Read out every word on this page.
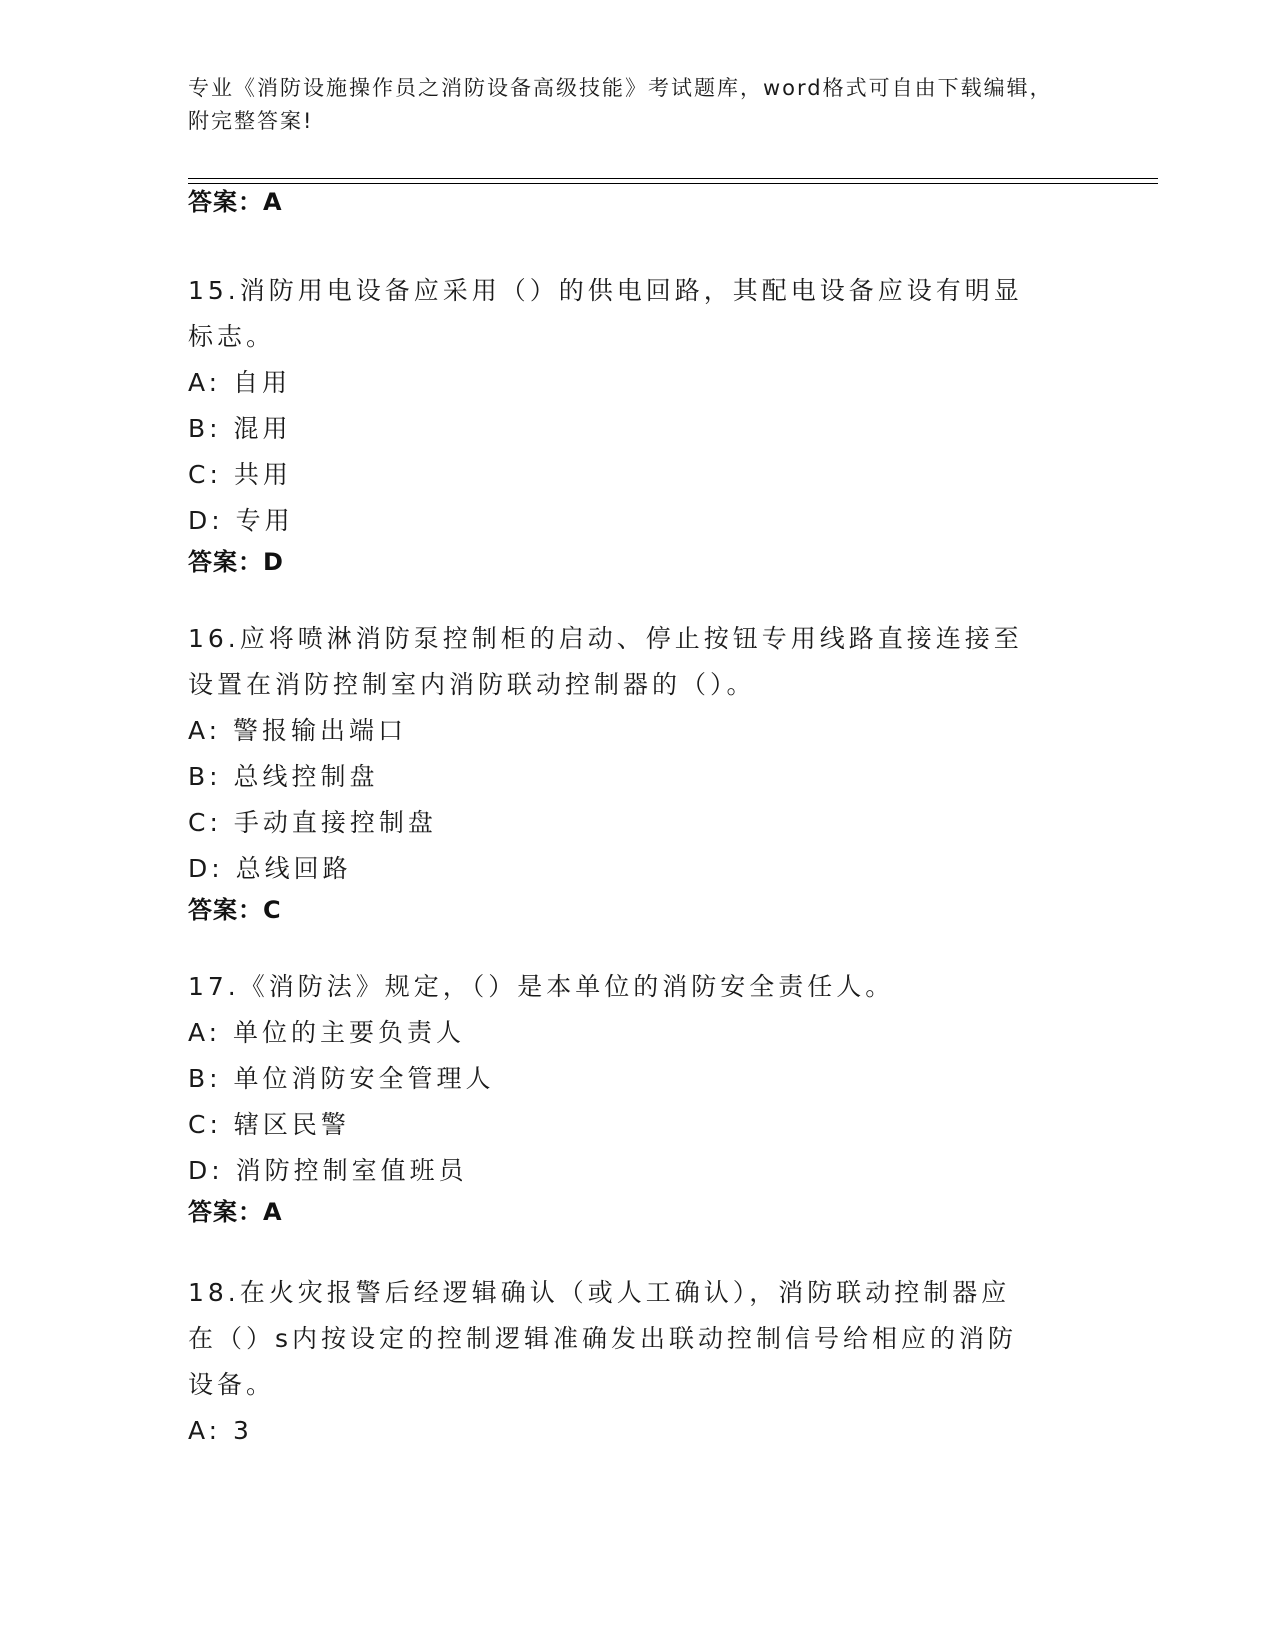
专业《消防设施操作员之消防设备高级技能》考试题库，word格式可自由下载编辑，附完整答案!
答案：A
15.消防用电设备应采用（）的供电回路，其配电设备应设有明显标志。
A: 自用
B: 混用
C: 共用
D: 专用
答案：D
16.应将喷淋消防泵控制柜的启动、停止按钮专用线路直接连接至设置在消防控制室内消防联动控制器的（）。
A: 警报输出端口
B: 总线控制盘
C: 手动直接控制盘
D: 总线回路
答案：C
17.《消防法》规定，（）是本单位的消防安全责任人。
A: 单位的主要负责人
B: 单位消防安全管理人
C: 辖区民警
D: 消防控制室值班员
答案：A
18.在火灾报警后经逻辑确认（或人工确认），消防联动控制器应在（）s内按设定的控制逻辑准确发出联动控制信号给相应的消防设备。
A: 3
